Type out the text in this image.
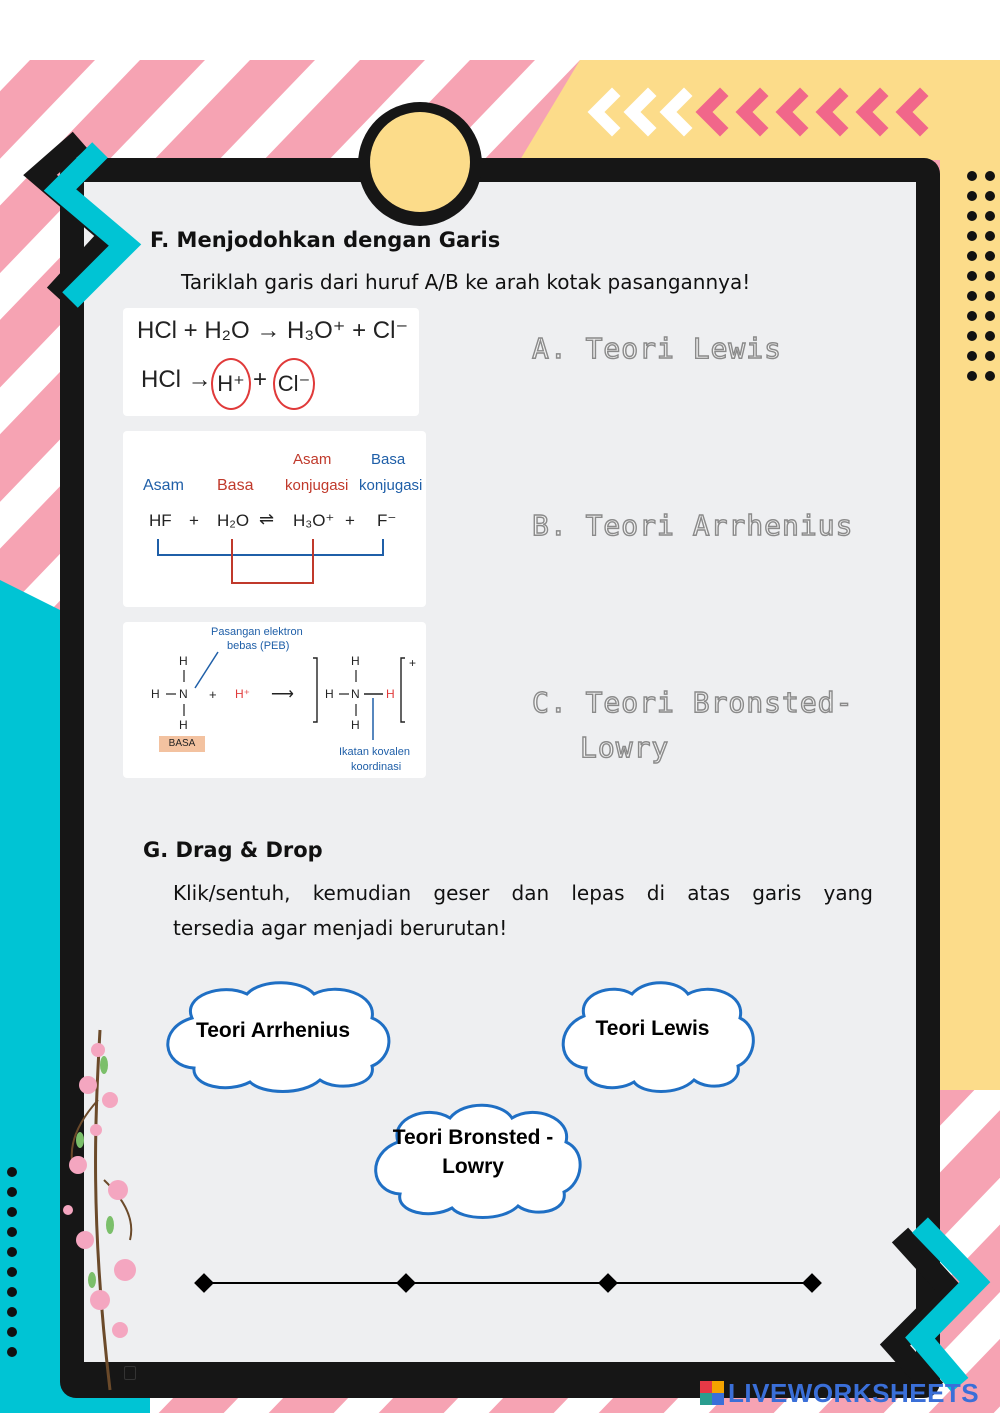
F. Menjodohkan dengan Garis
Tariklah garis dari huruf A/B ke arah kotak pasangannya!
HCl + H₂O → H₃O⁺ + Cl⁻
HCl → H⁺ + Cl⁻
Asam
konjugasi
Basa
konjugasi
Asam Basa
HF + H₂O ⇌ H₃O⁺ + F⁻
Pasangan elektron
bebas (PEB)
H
H N
H
+ H⁺ ⟶
H
H N H
H
+
BASA
Ikatan kovalen
koordinasi
A. Teori Lewis
B. Teori Arrhenius
C. Teori Bronsted-
Lowry
G. Drag & Drop
Klik/sentuh, kemudian geser dan lepas di atas garis yang
tersedia agar menjadi berurutan!
Teori Arrhenius	Teori Lewis
Teori Bronsted -
Lowry
LIVEWORKSHEETS
